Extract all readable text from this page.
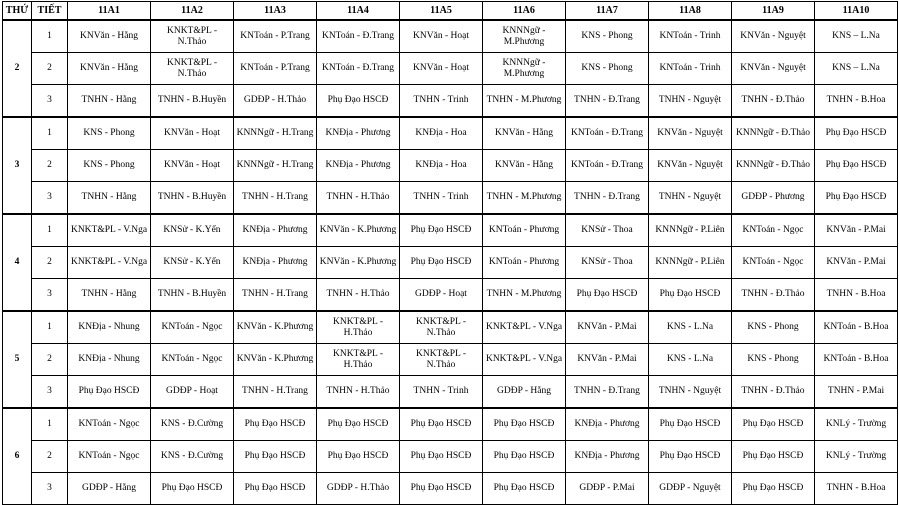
THỨ	TIẾT	11A1	11A2	11A3	11A4	11A5	11A6	11A7	11A8	11A9	11A10
2	1	KNVăn - Hằng	KNKT&PL - N.Thảo	KNToán - P.Trang	KNToán - Đ.Trang	KNVăn - Hoạt	KNNNgữ - M.Phương	KNS - Phong	KNToán - Trinh	KNVăn - Nguyệt	KNS – L.Na

	2	KNVăn - Hằng	KNKT&PL - N.Thảo	KNToán - P.Trang	KNToán - Đ.Trang	KNVăn - Hoạt	KNNNgữ - M.Phương	KNS - Phong	KNToán - Trinh	KNVăn - Nguyệt	KNS – L.Na

	3	TNHN - Hằng	TNHN - B.Huyền	GDĐP - H.Thảo	Phụ Đạo HSCĐ	TNHN - Trinh	TNHN - M.Phương	TNHN - Đ.Trang	TNHN - Nguyệt	TNHN - Đ.Thảo	TNHN - B.Hoa

3	1	KNS - Phong	KNVăn - Hoạt	KNNNgữ - H.Trang	KNĐịa - Phương	KNĐịa - Hoa	KNVăn - Hằng	KNToán - Đ.Trang	KNVăn - Nguyệt	KNNNgữ - Đ.Thảo	Phụ Đạo HSCĐ

	2	KNS - Phong	KNVăn - Hoạt	KNNNgữ - H.Trang	KNĐịa - Phương	KNĐịa - Hoa	KNVăn - Hằng	KNToán - Đ.Trang	KNVăn - Nguyệt	KNNNgữ - Đ.Thảo	Phụ Đạo HSCĐ

	3	TNHN - Hằng	TNHN - B.Huyền	TNHN - H.Trang	TNHN - H.Thảo	TNHN - Trinh	TNHN - M.Phương	TNHN - Đ.Trang	TNHN - Nguyệt	GDĐP - Phương	Phụ Đạo HSCĐ

4	1	KNKT&PL - V.Nga	KNSử - K.Yến	KNĐịa - Phương	KNVăn - K.Phương	Phụ Đạo HSCĐ	KNToán - Phương	KNSử - Thoa	KNNNgữ - P.Liên	KNToán - Ngọc	KNVăn - P.Mai

	2	KNKT&PL - V.Nga	KNSử - K.Yến	KNĐịa - Phương	KNVăn - K.Phương	Phụ Đạo HSCĐ	KNToán - Phương	KNSử - Thoa	KNNNgữ - P.Liên	KNToán - Ngọc	KNVăn - P.Mai

	3	TNHN - Hằng	TNHN - B.Huyền	TNHN - H.Trang	TNHN - H.Thảo	GDĐP - Hoạt	TNHN - M.Phương	Phụ Đạo HSCĐ	Phụ Đạo HSCĐ	TNHN - Đ.Thảo	TNHN - B.Hoa

5	1	KNĐịa - Nhung	KNToán - Ngọc	KNVăn - K.Phương	KNKT&PL - H.Thảo	KNKT&PL - N.Thảo	KNKT&PL - V.Nga	KNVăn - P.Mai	KNS - L.Na	KNS - Phong	KNToán - B.Hoa

	2	KNĐịa - Nhung	KNToán - Ngọc	KNVăn - K.Phương	KNKT&PL - H.Thảo	KNKT&PL - N.Thảo	KNKT&PL - V.Nga	KNVăn - P.Mai	KNS - L.Na	KNS - Phong	KNToán - B.Hoa

	3	Phụ Đạo HSCĐ	GDĐP - Hoạt	TNHN - H.Trang	TNHN - H.Thảo	TNHN - Trinh	GDĐP - Hằng	TNHN - Đ.Trang	TNHN - Nguyệt	TNHN - Đ.Thảo	TNHN - P.Mai

6	1	KNToán - Ngọc	KNS - Đ.Cường	Phụ Đạo HSCĐ	Phụ Đạo HSCĐ	Phụ Đạo HSCĐ	Phụ Đạo HSCĐ	KNĐịa - Phương	Phụ Đạo HSCĐ	Phụ Đạo HSCĐ	KNLý - Trường

	2	KNToán - Ngọc	KNS - Đ.Cường	Phụ Đạo HSCĐ	Phụ Đạo HSCĐ	Phụ Đạo HSCĐ	Phụ Đạo HSCĐ	KNĐịa - Phương	Phụ Đạo HSCĐ	Phụ Đạo HSCĐ	KNLý - Trường

	3	GDĐP - Hằng	Phụ Đạo HSCĐ	Phụ Đạo HSCĐ	GDĐP - H.Thảo	Phụ Đạo HSCĐ	Phụ Đạo HSCĐ	GDĐP - P.Mai	GDĐP - Nguyệt	Phụ Đạo HSCĐ	TNHN - B.Hoa
